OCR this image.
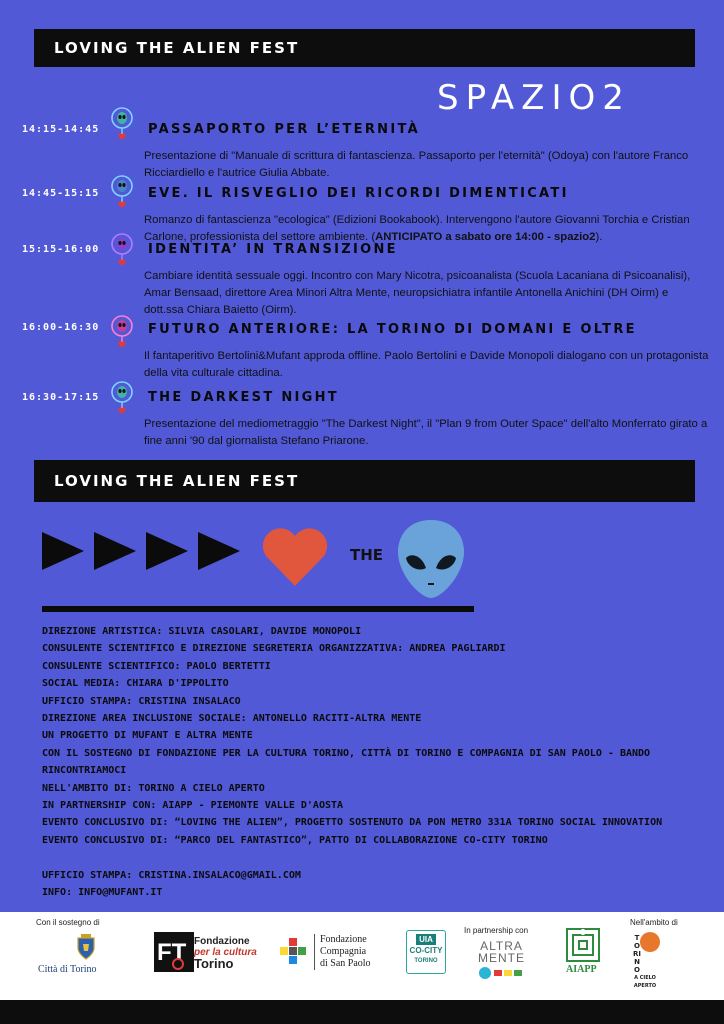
LOVING THE ALIEN FEST
SPAZIO2
14:15-14:45	PASSAPORTO PER L’ETERNITÀ
Presentazione di "Manuale di scrittura di fantascienza. Passaporto per l'eternità" (Odoya) con l'autore Franco Ricciardiello e l'autrice Giulia Abbate.
14:45-15:15	EVE. IL RISVEGLIO DEI RICORDI DIMENTICATI
Romanzo di fantascienza "ecologica" (Edizioni Bookabook). Intervengono l'autore Giovanni Torchia e Cristian Carlone, professionista del settore ambiente. (ANTICIPATO a sabato ore 14:00 - spazio2).
15:15-16:00	IDENTITA’ IN TRANSIZIONE
Cambiare identità sessuale oggi. Incontro con Mary Nicotra, psicoanalista (Scuola Lacaniana di Psicoanalisi), Amar Bensaad, direttore Area Minori Altra Mente, neuropsichiatra infantile Antonella Anichini (DH Oirm) e dott.ssa Chiara Baietto (Oirm).
16:00-16:30	FUTURO ANTERIORE: LA TORINO DI DOMANI E OLTRE
Il fantaperitivo Bertolini&Mufant approda offline. Paolo Bertolini e Davide Monopoli dialogano con un protagonista della vita culturale cittadina.
16:30-17:15	THE DARKEST NIGHT
Presentazione del mediometraggio "The Darkest Night", il "Plan 9 from Outer Space" dell'alto Monferrato girato a fine anni '90 dal giornalista Stefano Priarone.
LOVING THE ALIEN FEST
THE
DIREZIONE ARTISTICA: SILVIA CASOLARI, DAVIDE MONOPOLI
CONSULENTE SCIENTIFICO E DIREZIONE SEGRETERIA ORGANIZZATIVA: ANDREA PAGLIARDI
CONSULENTE SCIENTIFICO: PAOLO BERTETTI
SOCIAL MEDIA: CHIARA D'IPPOLITO
UFFICIO STAMPA: CRISTINA INSALACO
DIREZIONE AREA INCLUSIONE SOCIALE: ANTONELLO RACITI-ALTRA MENTE
UN PROGETTO DI MUFANT E ALTRA MENTE
CON IL SOSTEGNO DI FONDAZIONE PER LA CULTURA TORINO, CITTÀ DI TORINO E COMPAGNIA DI SAN PAOLO - BANDO
RINCONTRIAMOCI
NELL'AMBITO DI: TORINO A CIELO APERTO
IN PARTNERSHIP CON: AIAPP - PIEMONTE VALLE D'AOSTA
EVENTO CONCLUSIVO DI: “LOVING THE ALIEN”, PROGETTO SOSTENUTO DA PON METRO 331A TORINO SOCIAL INNOVATION
EVENTO CONCLUSIVO DI: “PARCO DEL FANTASTICO”, PATTO DI COLLABORAZIONE CO-CITY TORINO
UFFICIO STAMPA: CRISTINA.INSALACO@GMAIL.COM
INFO: INFO@MUFANT.IT
Con il sostegno di
Città di Torino
FT Fondazione
per la cultura
Torino
Fondazione
Compagnia
di San Paolo
UIA
CO-CITY
TORINO
In partnership con
ALTRA
MENTE
AIAPP
Nell'ambito di
TORINO
A CIELO
APERTO
